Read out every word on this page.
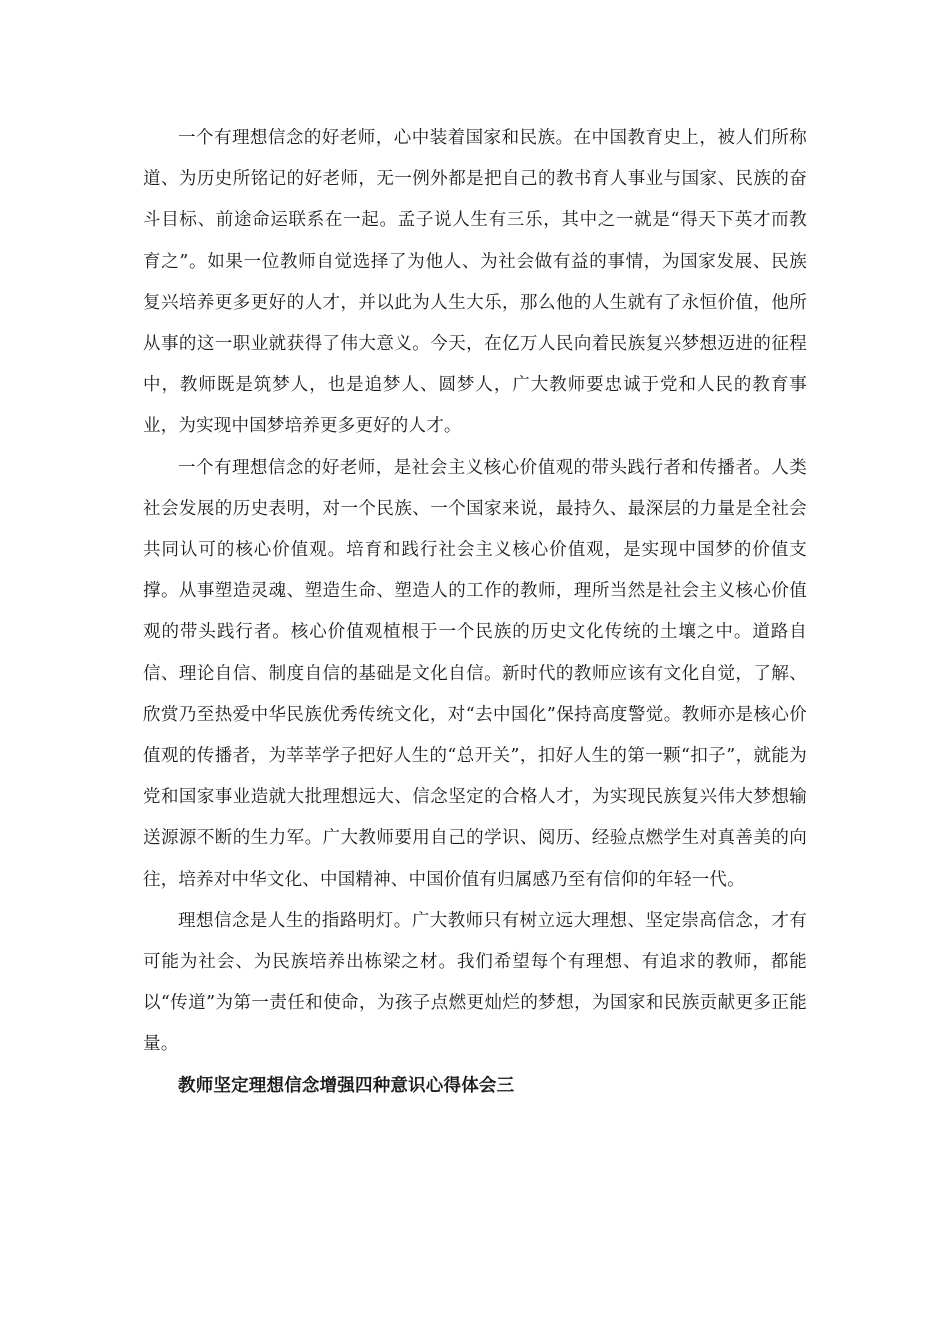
一个有理想信念的好老师，心中装着国家和民族。在中国教育史上，被人们所称道、为历史所铭记的好老师，无一例外都是把自己的教书育人事业与国家、民族的奋斗目标、前途命运联系在一起。孟子说人生有三乐，其中之一就是“得天下英才而教育之”。如果一位教师自觉选择了为他人、为社会做有益的事情，为国家发展、民族复兴培养更多更好的人才，并以此为人生大乐，那么他的人生就有了永恒价值，他所从事的这一职业就获得了伟大意义。今天，在亿万人民向着民族复兴梦想迈进的征程中，教师既是筑梦人，也是追梦人、圆梦人，广大教师要忠诚于党和人民的教育事业，为实现中国梦培养更多更好的人才。

一个有理想信念的好老师，是社会主义核心价值观的带头践行者和传播者。人类社会发展的历史表明，对一个民族、一个国家来说，最持久、最深层的力量是全社会共同认可的核心价值观。培育和践行社会主义核心价值观，是实现中国梦的价值支撑。从事塑造灵魂、塑造生命、塑造人的工作的教师，理所当然是社会主义核心价值观的带头践行者。核心价值观植根于一个民族的历史文化传统的土壤之中。道路自信、理论自信、制度自信的基础是文化自信。新时代的教师应该有文化自觉，了解、欣赏乃至热爱中华民族优秀传统文化，对“去中国化”保持高度警觉。教师亦是核心价值观的传播者，为莘莘学子把好人生的“总开关”，扣好人生的第一颗“扣子”，就能为党和国家事业造就大批理想远大、信念坚定的合格人才，为实现民族复兴伟大梦想输送源源不断的生力军。广大教师要用自己的学识、阅历、经验点燃学生对真善美的向往，培养对中华文化、中国精神、中国价值有归属感乃至有信仰的年轻一代。

理想信念是人生的指路明灯。广大教师只有树立远大理想、坚定崇高信念，才有可能为社会、为民族培养出栋梁之材。我们希望每个有理想、有追求的教师，都能以“传道”为第一责任和使命，为孩子点燃更灿烂的梦想，为国家和民族贡献更多正能量。

教师坚定理想信念增强四种意识心得体会三
